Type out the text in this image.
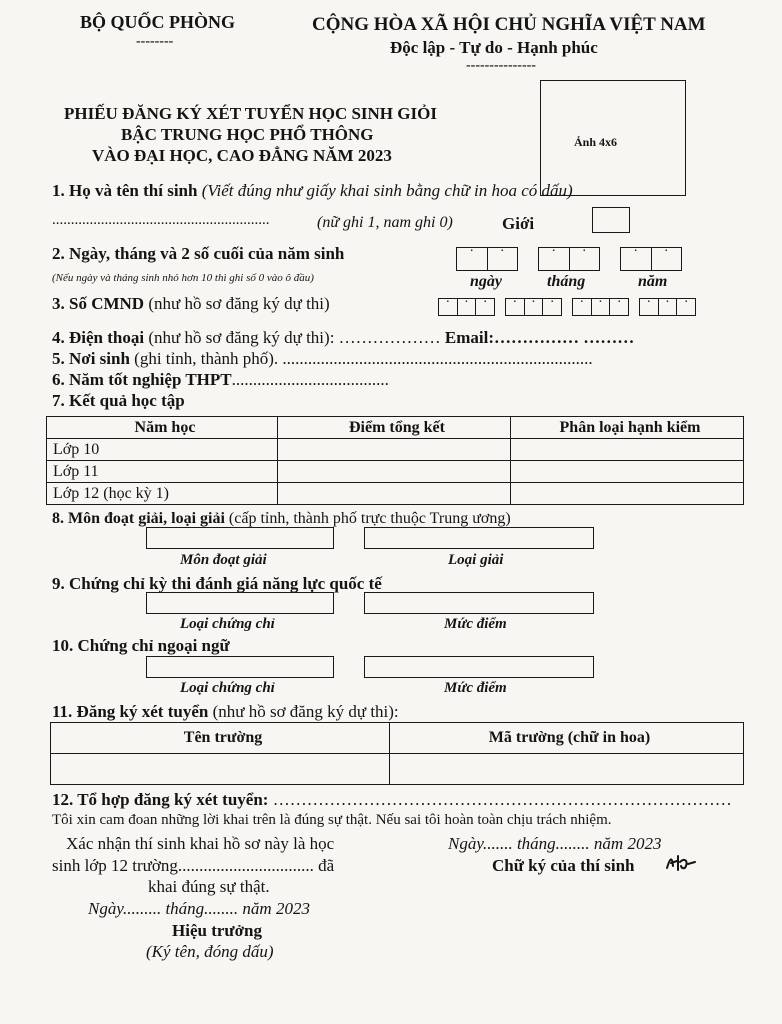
BỘ QUỐC PHÒNG
--------
CỘNG HÒA XÃ HỘI CHỦ NGHĨA VIỆT NAM
Độc lập - Tự do - Hạnh phúc
---------------
PHIẾU ĐĂNG KÝ XÉT TUYỂN HỌC SINH GIỎI
BẬC TRUNG HỌC PHỔ THÔNG
VÀO ĐẠI HỌC, CAO ĐẲNG NĂM 2023
Ảnh 4x6
1. Họ và tên thí sinh (Viết đúng như giấy khai sinh bằng chữ in hoa có dấu)
..........................................................	(nữ ghi 1, nam ghi 0)	Giới
2. Ngày, tháng và 2 số cuối của năm sinh
(Nếu ngày và tháng sinh nhỏ hơn 10 thì ghi số 0 vào ô đầu)
·
·
·
·
·
·	ngày	tháng	năm
3. Số CMND (như hồ sơ đăng ký dự thi)
·
·
·
·
·
·
·
·
·
·
·
·
4. Điện thoại (như hồ sơ đăng ký dự thi): ……………… Email:…………… ………
5. Nơi sinh (ghi tỉnh, thành phố). .........................................................................
6. Năm tốt nghiệp THPT.....................................
7. Kết quả học tập
Năm học	Điểm tổng kết	Phân loại hạnh kiểm
Lớp 10		
Lớp 11		
Lớp 12 (học kỳ 1)		
8. Môn đoạt giải, loại giải (cấp tỉnh, thành phố trực thuộc Trung ương)
Môn đoạt giải	Loại giải
9. Chứng chỉ kỳ thi đánh giá năng lực quốc tế
Loại chứng chỉ	Mức điểm
10. Chứng chỉ ngoại ngữ
Loại chứng chỉ	Mức điểm
11. Đăng ký xét tuyển (như hồ sơ đăng ký dự thi):
Tên trường	Mã trường (chữ in hoa)

12. Tổ hợp đăng ký xét tuyển: ………………………………………………………………………
Tôi xin cam đoan những lời khai trên là đúng sự thật. Nếu sai tôi hoàn toàn chịu trách nhiệm.
Xác nhận thí sinh khai hồ sơ này là học
sinh lớp 12 trường................................ đã
khai đúng sự thật.
Ngày......... tháng........ năm 2023
Hiệu trưởng
(Ký tên, đóng dấu)
Ngày....... tháng........ năm 2023
Chữ ký của thí sinh
